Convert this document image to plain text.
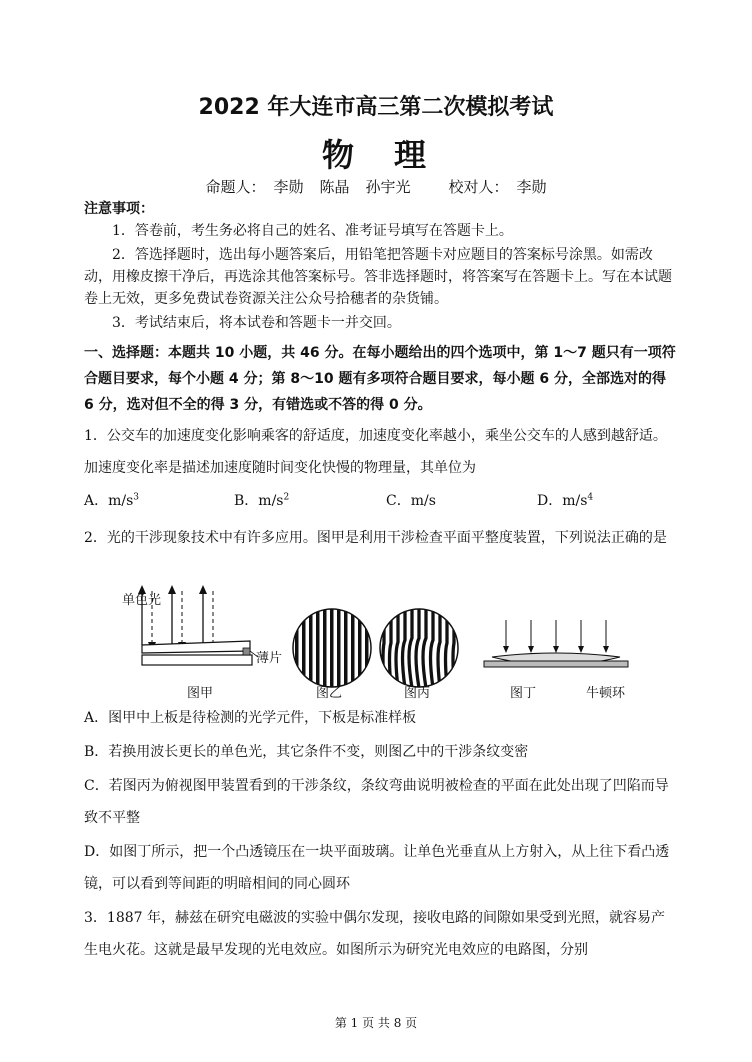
2022 年大连市高三第二次模拟考试
物 理
命题人： 李勋 陈晶 孙宇光	校对人： 李勋
注意事项：
1．答卷前，考生务必将自己的姓名、准考证号填写在答题卡上。
2．答选择题时，选出每小题答案后，用铅笔把答题卡对应题目的答案标号涂黑。如需改动，用橡皮擦干净后，再选涂其他答案标号。答非选择题时，将答案写在答题卡上。写在本试题卷上无效，更多免费试卷资源关注公众号拾穗者的杂货铺。
3．考试结束后，将本试卷和答题卡一并交回。
一、选择题：本题共 10 小题，共 46 分。在每小题给出的四个选项中，第 1～7 题只有一项符合题目要求，每个小题 4 分；第 8～10 题有多项符合题目要求，每小题 6 分，全部选对的得 6 分，选对但不全的得 3 分，有错选或不答的得 0 分。
1．公交车的加速度变化影响乘客的舒适度，加速度变化率越小，乘坐公交车的人感到越舒适。加速度变化率是描述加速度随时间变化快慢的物理量，其单位为
A．$m/s^3$	B．$m/s^2$	C．m/s	D．$m/s^4$
2．光的干涉现象技术中有许多应用。图甲是利用干涉检查平面平整度装置，下列说法正确的是
单色光
薄片
图甲	图乙	图丙	图丁	牛顿环
A．图甲中上板是待检测的光学元件，下板是标准样板
B．若换用波长更长的单色光，其它条件不变，则图乙中的干涉条纹变密
C．若图丙为俯视图甲装置看到的干涉条纹，条纹弯曲说明被检查的平面在此处出现了凹陷而导致不平整
D．如图丁所示，把一个凸透镜压在一块平面玻璃。让单色光垂直从上方射入，从上往下看凸透镜，可以看到等间距的明暗相间的同心圆环
3．1887 年，赫兹在研究电磁波的实验中偶尔发现，接收电路的间隙如果受到光照，就容易产生电火花。这就是最早发现的光电效应。如图所示为研究光电效应的电路图，分别
第 1 页 共 8 页
